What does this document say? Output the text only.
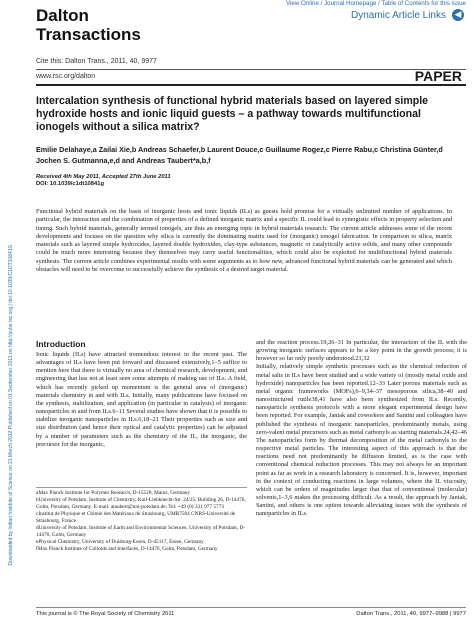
Dalton
Transactions
View Online / Journal Homepage / Table of Contents for this issue
Dynamic Article Links ◀
Cite this: Dalton Trans., 2011, 40, 9977
www.rsc.org/dalton	PAPER
Intercalation synthesis of functional hybrid materials based on layered simple hydroxide hosts and ionic liquid guests – a pathway towards multifunctional ionogels without a silica matrix?
Emilie Delahaye,a Zailai Xie,b Andreas Schaefer,b Laurent Douce,c Guillaume Rogez,c Pierre Rabu,c Christina Günter,d Jochen S. Gutmanna,e,d and Andreas Taubert*a,b,f
Received 4th May 2011, Accepted 27th June 2011
DOI: 10.1039/c1dt10841g
Functional hybrid materials on the basis of inorganic hosts and ionic liquids (ILs) as guests hold promise for a virtually unlimited number of applications. In particular, the interaction and the combination of properties of a defined inorganic matrix and a specific IL could lead to synergistic effects in property selection and tuning. Such hybrid materials, generally termed ionogels, are thus an emerging topic in hybrid materials research. The current article addresses some of the recent developments and focuses on the question why silica is currently the dominating matrix used for (inorganic) ionogel fabrication. In comparison to silica, matrix materials such as layered simple hydroxides, layered double hydroxides, clay-type substances, magnetic or catalytically active solids, and many other compounds could be much more interesting because they themselves may carry useful functionalities, which could also be exploited for multifunctional hybrid materials synthesis. The current article combines experimental results with some arguments as to how new, advanced functional hybrid materials can be generated and which obstacles will need to be overcome to successfully achieve the synthesis of a desired target material.
Downloaded by Indian Institute of Science on 21 March 2012 Published on 01 September 2011 on http://pubs.rsc.org | doi:10.1039/C1DT10841G	Introduction
Ionic liquids (ILs) have attracted tremendous interest in the recent past. The advantages of ILs have been put forward and discussed extensively,1–5 suffice to mention here that there is virtually no area of chemical research, development, and engineering that has not at least seen some attempts of making use of ILs. A field, which has recently picked up momentum is the general area of (inorganic) materials chemistry in and with ILs. Initially, many publications have focused on the synthesis, stabilization, and application (in particular in catalysis) of inorganic nanoparticles in and from ILs.6–11 Several studies have shown that it is possible to stabilize inorganic nanoparticles in ILs.6,18–21 Their properties such as size and size distribution (and hence their optical and catalytic properties) can be adjusted by a number of parameters such as the chemistry of the IL, the inorganic, the precursor for the inorganic,
aMax Planck Institute for Polymer Research, D-15528, Mainz, Germany
bUniversity of Potsdam, Institute of Chemistry, Karl-Liebknecht-Str. 24/25, Building 26, D-14476, Golm, Potsdam, Germany. E-mail: ataubert@uni-potsdam.de; Tel: +49 (0) 331 977 5773
cInstitut de Physique et Chimie des Matériaux de Strasbourg, UMR7504 CNRS-Université de Strasbourg, France
dUniversity of Potsdam, Institute of Earth and Environmental Sciences, University of Potsdam, D-14476, Golm, Germany
ePhysical Chemistry, University of Duisburg-Essen, D-45117, Essen, Germany
fMax Planck Institute of Colloids and Interfaces, D-14476, Golm, Potsdam, Germany
and the reaction process.19,26–31 In particular, the interaction of the IL with the growing inorganic surfaces appears to be a key point in the growth process; it is however so far only poorly understood.21,32
Initially, relatively simple synthetic processes such as the chemical reduction of metal salts in ILs have been studied and a wide variety of (mostly metal oxide and hydroxide) nanoparticles has been reported.12–33 Later porous materials such as metal organic frameworks (MOFs),6–9,34–37 mesoporous silica,38–40 and nanostructured rutile38,41 have also been synthesized from ILs. Recently, nanoparticle synthesis protocols with a more elegant experimental design have been reported. For example, Janiak and coworkers and Santini and colleagues have published the synthesis of inorganic nanoparticles, predominantly metals, using zero-valent metal precursors such as metal carbonyls as starting materials.24,42–46 The nanoparticles form by thermal decomposition of the metal carbonyls to the respective metal particles. The interesting aspect of this approach is that the reactions need not predominantly be diffusion limited, as is the case with conventional chemical reduction processes. This may not always be an important point as far as work in a research laboratory is concerned. It is, however, important in the context of conducting reactions in large volumes, where the IL viscosity, which can be orders of magnitudes larger that that of conventional (molecular) solvents,1–3,6 makes the processing difficult. As a result, the approach by Janiak, Santini, and others is one option towards alleviating issues with the synthesis of nanoparticles in ILs.
This journal is © The Royal Society of Chemistry 2011	Dalton Trans., 2011, 40, 9977–9988 | 9977
